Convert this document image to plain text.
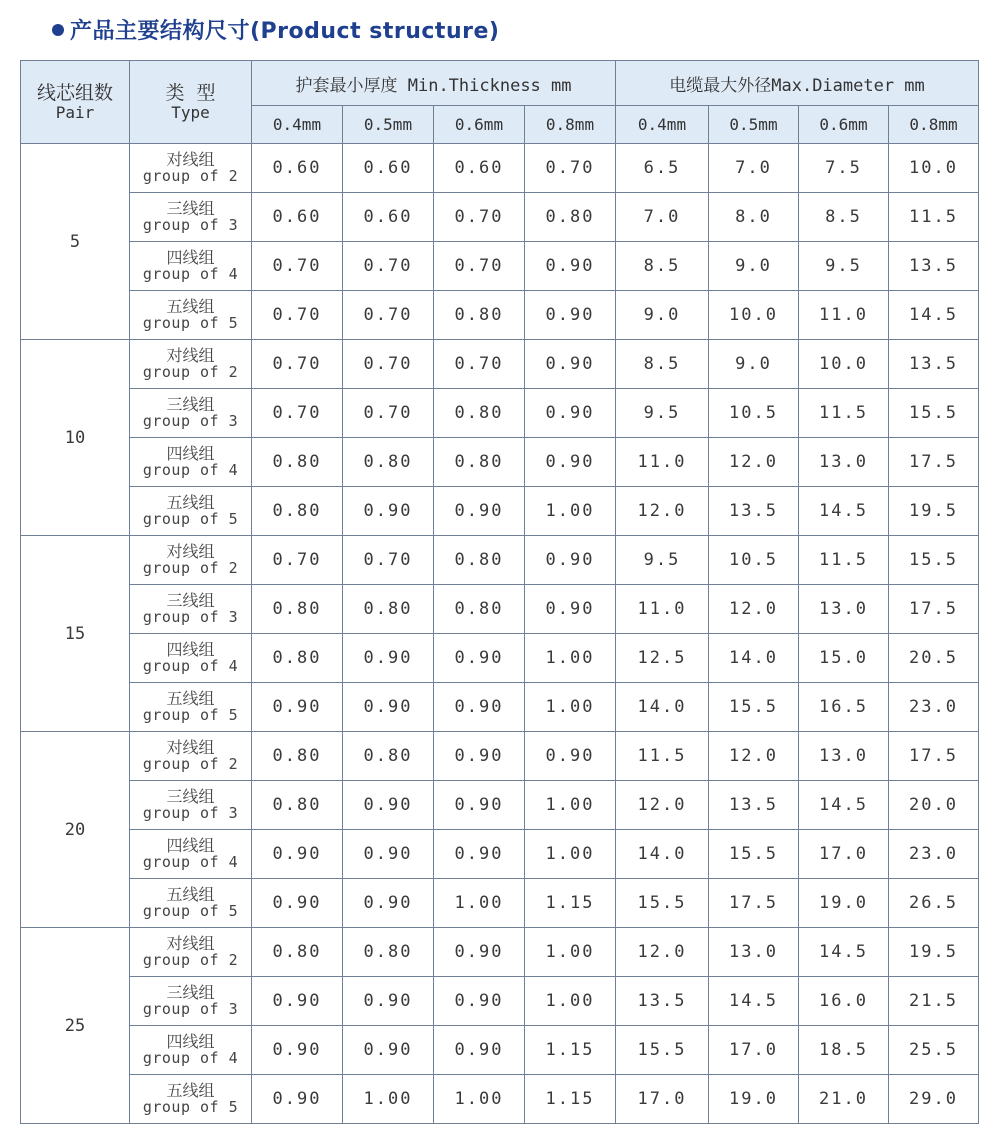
产品主要结构尺寸(Product structure)
线芯组数
Pair	类  型
Type	护套最小厚度 Min.Thickness mm				电缆最大外径Max.Diameter mm			
		0.4mm	0.5mm	0.6mm	0.8mm	0.4mm	0.5mm	0.6mm	0.8mm
5	对线组
group of 2	0.60	0.60	0.60	0.70	6.5	7.0	7.5	10.0

	三线组
group of 3	0.60	0.60	0.70	0.80	7.0	8.0	8.5	11.5

	四线组
group of 4	0.70	0.70	0.70	0.90	8.5	9.0	9.5	13.5

	五线组
group of 5	0.70	0.70	0.80	0.90	9.0	10.0	11.0	14.5
10	对线组
group of 2	0.70	0.70	0.70	0.90	8.5	9.0	10.0	13.5

	三线组
group of 3	0.70	0.70	0.80	0.90	9.5	10.5	11.5	15.5

	四线组
group of 4	0.80	0.80	0.80	0.90	11.0	12.0	13.0	17.5

	五线组
group of 5	0.80	0.90	0.90	1.00	12.0	13.5	14.5	19.5
15	对线组
group of 2	0.70	0.70	0.80	0.90	9.5	10.5	11.5	15.5

	三线组
group of 3	0.80	0.80	0.80	0.90	11.0	12.0	13.0	17.5

	四线组
group of 4	0.80	0.90	0.90	1.00	12.5	14.0	15.0	20.5

	五线组
group of 5	0.90	0.90	0.90	1.00	14.0	15.5	16.5	23.0
20	对线组
group of 2	0.80	0.80	0.90	0.90	11.5	12.0	13.0	17.5

	三线组
group of 3	0.80	0.90	0.90	1.00	12.0	13.5	14.5	20.0

	四线组
group of 4	0.90	0.90	0.90	1.00	14.0	15.5	17.0	23.0

	五线组
group of 5	0.90	0.90	1.00	1.15	15.5	17.5	19.0	26.5
25	对线组
group of 2	0.80	0.80	0.90	1.00	12.0	13.0	14.5	19.5

	三线组
group of 3	0.90	0.90	0.90	1.00	13.5	14.5	16.0	21.5

	四线组
group of 4	0.90	0.90	0.90	1.15	15.5	17.0	18.5	25.5

	五线组
group of 5	0.90	1.00	1.00	1.15	17.0	19.0	21.0	29.0
